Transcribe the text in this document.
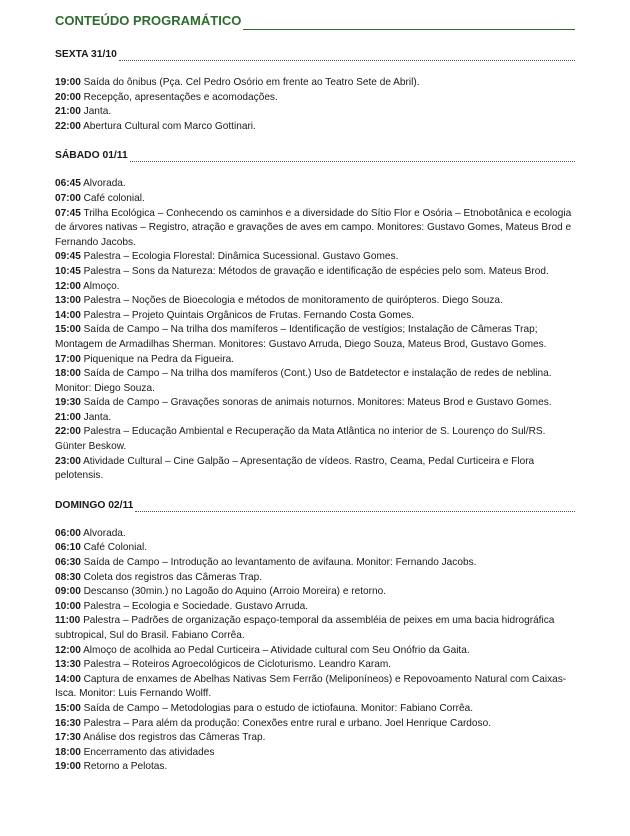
CONTEÚDO PROGRAMÁTICO
SEXTA 31/10
19:00 Saída do ônibus (Pça. Cel Pedro Osório em frente ao Teatro Sete de Abril).
20:00 Recepção, apresentações e acomodações.
21:00 Janta.
22:00 Abertura Cultural com Marco Gottinari.
SÁBADO 01/11
06:45 Alvorada.
07:00 Café colonial.
07:45 Trilha Ecológica – Conhecendo os caminhos e a diversidade do Sítio Flor e Osória – Etnobotânica e ecologia de árvores nativas – Registro, atração e gravações de aves em campo. Monitores: Gustavo Gomes, Mateus Brod e Fernando Jacobs.
09:45 Palestra – Ecologia Florestal: Dinâmica Sucessional. Gustavo Gomes.
10:45 Palestra – Sons da Natureza: Métodos de gravação e identificação de espécies pelo som. Mateus Brod.
12:00 Almoço.
13:00 Palestra – Noções de Bioecologia e métodos de monitoramento de quirópteros. Diego Souza.
14:00 Palestra – Projeto Quintais Orgânicos de Frutas. Fernando Costa Gomes.
15:00 Saída de Campo – Na trilha dos mamíferos – Identificação de vestígios; Instalação de Câmeras Trap; Montagem de Armadilhas Sherman. Monitores: Gustavo Arruda, Diego Souza, Mateus Brod, Gustavo Gomes.
17:00 Piquenique na Pedra da Figueira.
18:00 Saída de Campo – Na trilha dos mamíferos (Cont.) Uso de Batdetector e instalação de redes de neblina. Monitor: Diego Souza.
19:30 Saída de Campo – Gravações sonoras de animais noturnos. Monitores: Mateus Brod e Gustavo Gomes.
21:00 Janta.
22:00 Palestra – Educação Ambiental e Recuperação da Mata Atlântica no interior de S. Lourenço do Sul/RS. Günter Beskow.
23:00 Atividade Cultural – Cine Galpão – Apresentação de vídeos. Rastro, Ceama, Pedal Curticeira e Flora pelotensis.
DOMINGO 02/11
06:00 Alvorada.
06:10 Café Colonial.
06:30 Saída de Campo – Introdução ao levantamento de avifauna. Monitor: Fernando Jacobs.
08:30 Coleta dos registros das Câmeras Trap.
09:00 Descanso (30min.) no Lagoão do Aquino (Arroio Moreira) e retorno.
10:00 Palestra – Ecologia e Sociedade. Gustavo Arruda.
11:00 Palestra – Padrões de organização espaço-temporal da assembléia de peixes em uma bacia hidrográfica subtropical, Sul do Brasil. Fabiano Corrêa.
12:00 Almoço de acolhida ao Pedal Curticeira – Atividade cultural com Seu Onófrio da Gaita.
13:30 Palestra – Roteiros Agroecológicos de Cicloturismo. Leandro Karam.
14:00 Captura de enxames de Abelhas Nativas Sem Ferrão (Meliponíneos) e Repovoamento Natural com Caixas-Isca. Monitor: Luis Fernando Wolff.
15:00 Saída de Campo – Metodologias para o estudo de ictiofauna. Monitor: Fabiano Corrêa.
16:30 Palestra – Para além da produção: Conexões entre rural e urbano. Joel Henrique Cardoso.
17:30 Análise dos registros das Câmeras Trap.
18:00 Encerramento das atividades
19:00 Retorno a Pelotas.
